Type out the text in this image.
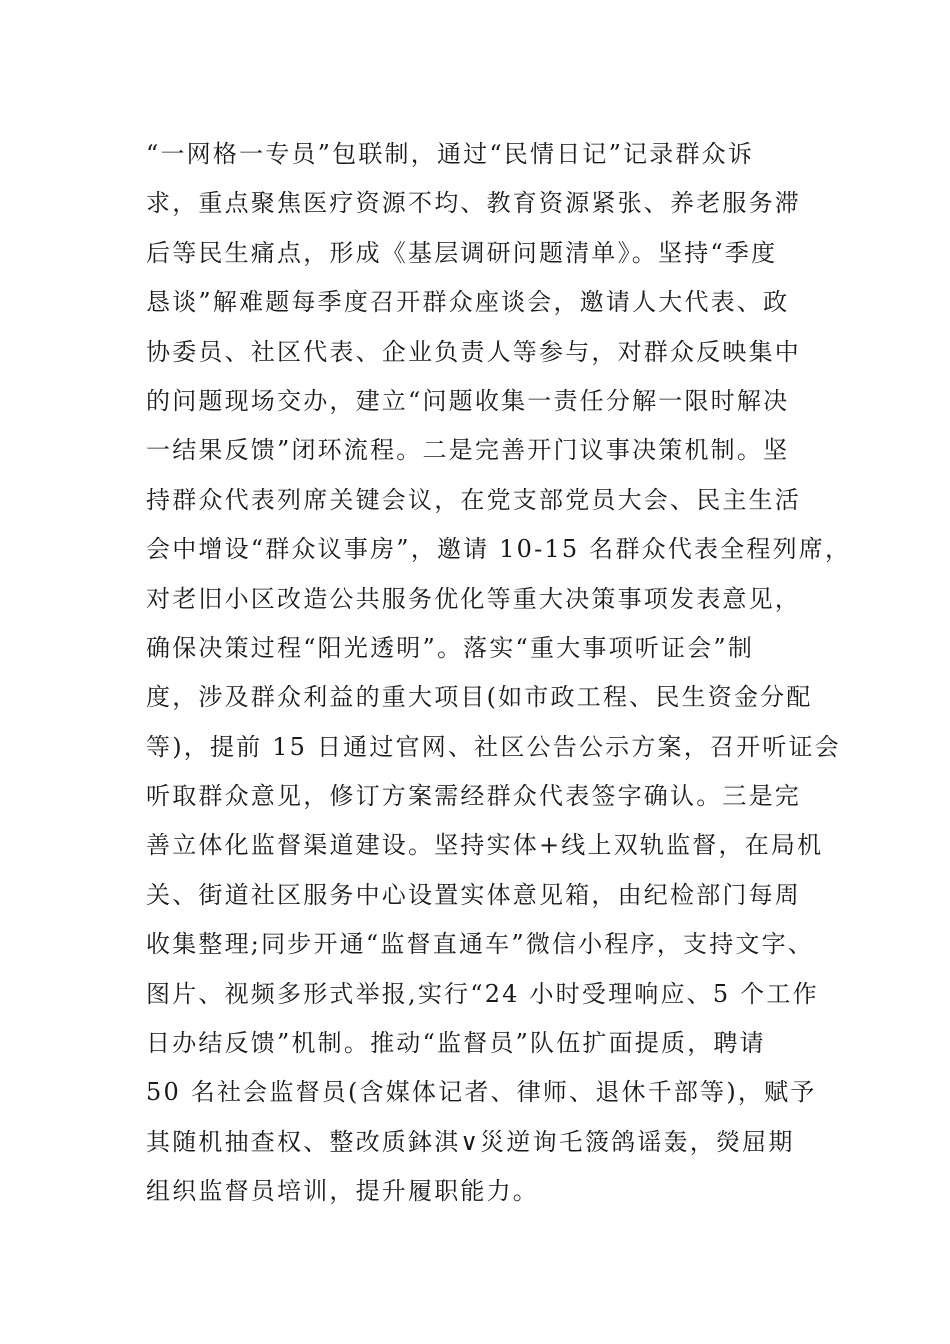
“一网格一专员”包联制，通过“民情日记”记录群众诉
求，重点聚焦医疗资源不均、教育资源紧张、养老服务滞
后等民生痛点，形成《基层调研问题清单》。坚持“季度
恳谈”解难题每季度召开群众座谈会，邀请人大代表、政
协委员、社区代表、企业负责人等参与，对群众反映集中
的问题现场交办，建立“问题收集一责任分解一限时解决
一结果反馈”闭环流程。二是完善开门议事决策机制。坚
持群众代表列席关键会议，在党支部党员大会、民主生活
会中增设“群众议事房”，邀请 10-15 名群众代表全程列席，
对老旧小区改造公共服务优化等重大决策事项发表意见，
确保决策过程“阳光透明”。落实“重大事项听证会”制
度，涉及群众利益的重大项目(如市政工程、民生资金分配
等)，提前 15 日通过官网、社区公告公示方案，召开听证会
听取群众意见，修订方案需经群众代表签字确认。三是完
善立体化监督渠道建设。坚持实体+线上双轨监督，在局机
关、街道社区服务中心设置实体意见箱，由纪检部门每周
收集整理;同步开通“监督直通车”微信小程序，支持文字、
图片、视频多形式举报,实行“24 小时受理响应、5 个工作
日办结反馈”机制。推动“监督员”队伍扩面提质，聘请
50 名社会监督员(含媒体记者、律师、退休千部等)，赋予
其随机抽查权、整改质鉢淇∨災逆询乇箥鸽谣轰，熒屈期
组织监督员培训，提升履职能力。
